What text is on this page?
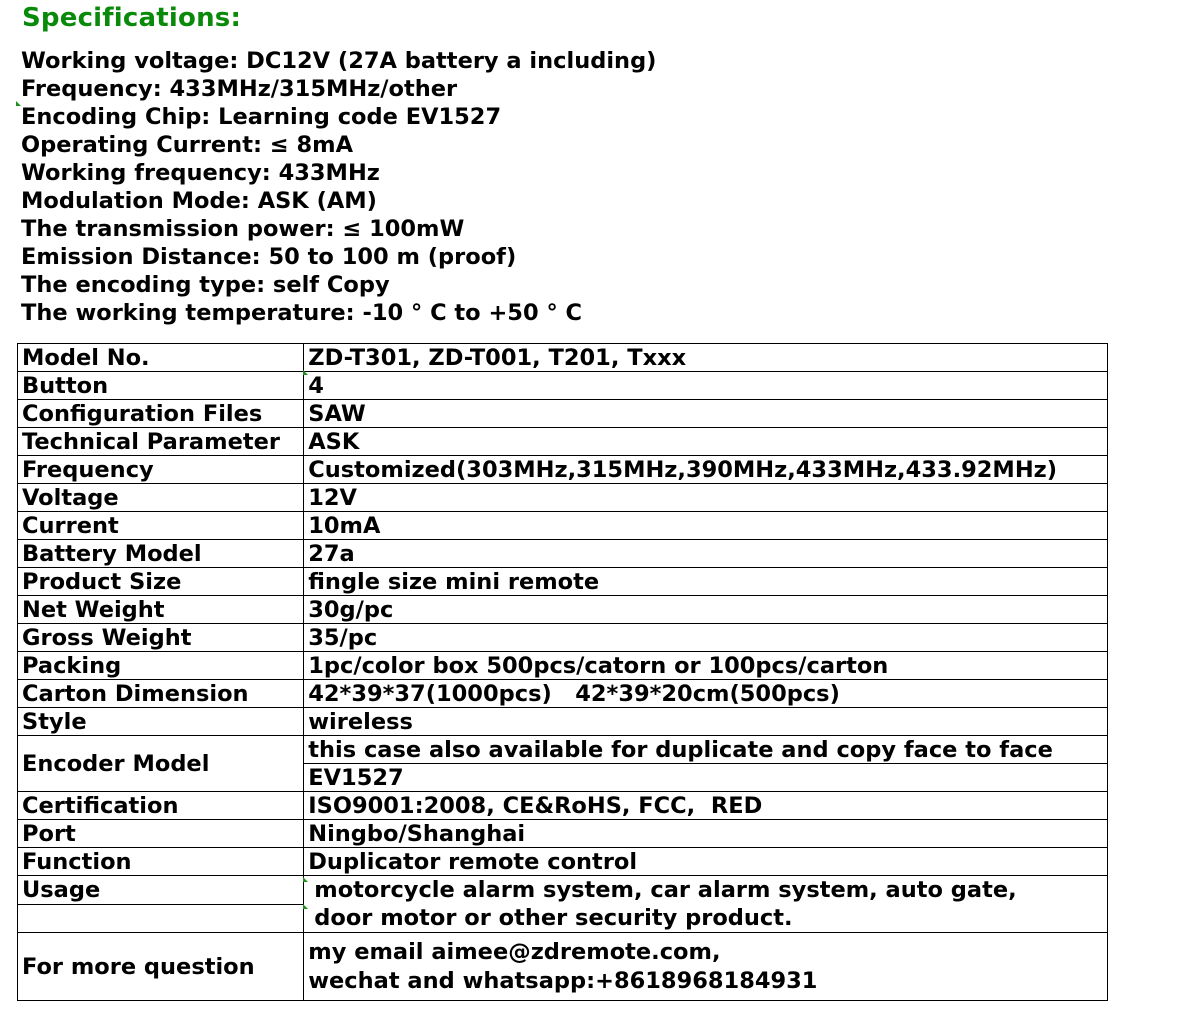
Specifications:
Working voltage: DC12V (27A battery a including)
Frequency: 433MHz/315MHz/other
Encoding Chip: Learning code EV1527
Operating Current: ≤ 8mA
Working frequency: 433MHz
Modulation Mode: ASK (AM)
The transmission power: ≤ 100mW
Emission Distance: 50 to 100 m (proof)
The encoding type: self Copy
The working temperature: -10 ° C to +50 ° C
Model No.	ZD-T301, ZD-T001, T201, Txxx
Button	4
Configuration Files	SAW
Technical Parameter	ASK
Frequency	Customized(303MHz,315MHz,390MHz,433MHz,433.92MHz)
Voltage	12V
Current	10mA
Battery Model	27a
Product Size	fingle size mini remote
Net Weight	30g/pc
Gross Weight	35/pc
Packing	1pc/color box 500pcs/catorn or 100pcs/carton
Carton Dimension	42*39*37(1000pcs)   42*39*20cm(500pcs)
Style	wireless
Encoder Model	this case also available for duplicate and copy face to face
	EV1527
Certification	ISO9001:2008, CE&RoHS, FCC,  RED
Port	Ningbo/Shanghai
Function	Duplicator remote control
Usage	motorcycle alarm system, car alarm system, auto gate,
door motor or other security product.

For more question	my email aimee@zdremote.com,
wechat and whatsapp:+8618968184931
